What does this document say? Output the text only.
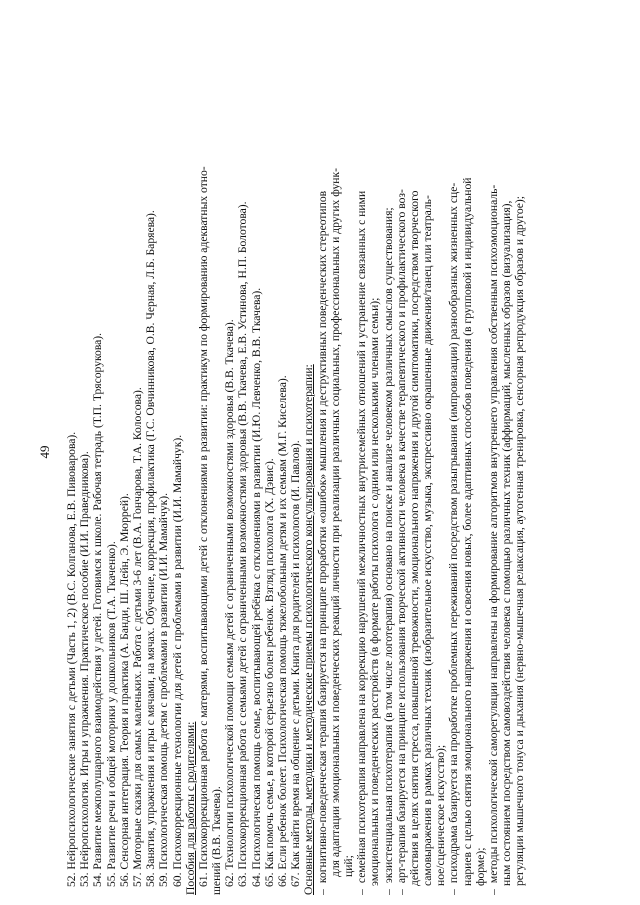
49 52. Нейропсихологические занятия с детьми (Часть 1, 2) (В.С. Колганова, Е.В. Пивоварова). 53. Нейропсихология. Игры и упражнения. Практическое пособие (И.И. Праведникова). 54. Развитие межполушарного взаимодействия у детей. Готовимся к школе. Рабочая тетрадь (Т.П. Трясорукова). 55. Развитие речи и общей моторики у дошкольников (Т.А. Ткаченко). 56. Сенсорная интеграция. Теория и практика (А. Банди, Ш. Лейн, Э. Мюррей). 57. Моторные сказки для самых маленьких. Работа с детьми 3-6 лет (В.А. Гончарова, Т.А. Колосова). 58. Занятия, упражнения и игры с мячами, на мячах. Обучение, коррекция, профилактика (Г.С. Овчинникова, О.В. Черная, Л.Б. Баряева). 59. Психологическая помощь детям с проблемами в развитии (И.И. Мамайчук). 60. Психокоррекционные технологии для детей с проблемами в развитии (И.И. Мамайчук). Пособия для работы с родителями: 61. Психокоррекционная работа с матерями, воспитывающими детей с отклонениями в развитии: практикум по формированию адекватных отно- шений (В.В. Ткачева). 62. Технологии психологической помощи семьям детей с ограниченными возможностями здоровья (В.В. Ткачева). 63. Психокоррекционная работа с семьями детей с ограниченными возможностями здоровья (В.В. Ткачева, Е.В. Устинова, Н.П. Болотова). 64. Психологическая помощь семье, воспитывающей ребёнка с отклонениями в развитии (И.Ю. Левченко, В.В. Ткачева). 65. Как помочь семье, в которой серьезно болен ребенок. Взгляд психолога (Х. Дэвис). 66. Если ребенок болеет. Психологическая помощь тяжелобольным детям и их семьям (М.Г. Киселева). 67. Как найти время на общение с детьми. Книга для родителей и психологов (И. Павлов). Основные методы, методики и методические приемы психологического консультирования и психотерапии: – когнитивно-поведенческая терапия базируется на принципе проработки «ошибок» мышления и деструктивных поведенческих стереотипов для адаптации эмоциональных и поведенческих реакций личности при реализации различных социальных, профессиональных и других функ- ций;
– семейная психотерапия направлена на коррекцию нарушений межличностных внутрисемейных отношений и устранение связанных с ними эмоциональных и поведенческих расстройств (в формате работы психолога с одним или несколькими членами семьи);
– экзистенциальная психотерапия (в том числе логотерапия) основано на поиске и анализе человеком различных смыслов существования;
– арт-терапия базируется на принципе использования творческой активности человека в качестве терапевтического и профилактического воз- действия в целях снятия стресса, повышенной тревожности, эмоционального напряжения и другой симптоматики, посредством творческого самовыражения в рамках различных техник (изобразительное искусство, музыка, экспрессивно окрашенные движения/танец или театраль- ное/сценическое искусство);
– психодрама базируется на проработке проблемных переживаний посредством разыгрывания (импровизации) разнообразных жизненных сце- нариев с целью снятия эмоционального напряжения и освоения новых, более адаптивных способов поведения (в групповой и индивидуальной форме);
– методы психологической саморегуляции направлены на формирование алгоритмов внутреннего управления собственным психоэмоциональ- ным состоянием посредством самовоздействия человека с помощью различных техник (аффирмаций, мысленных образов (визуализация), регуляции мышечного тонуса и дыхания (нервно-мышечная релаксация, аутогенная тренировка, сенсорная репродукция образов и другое);
